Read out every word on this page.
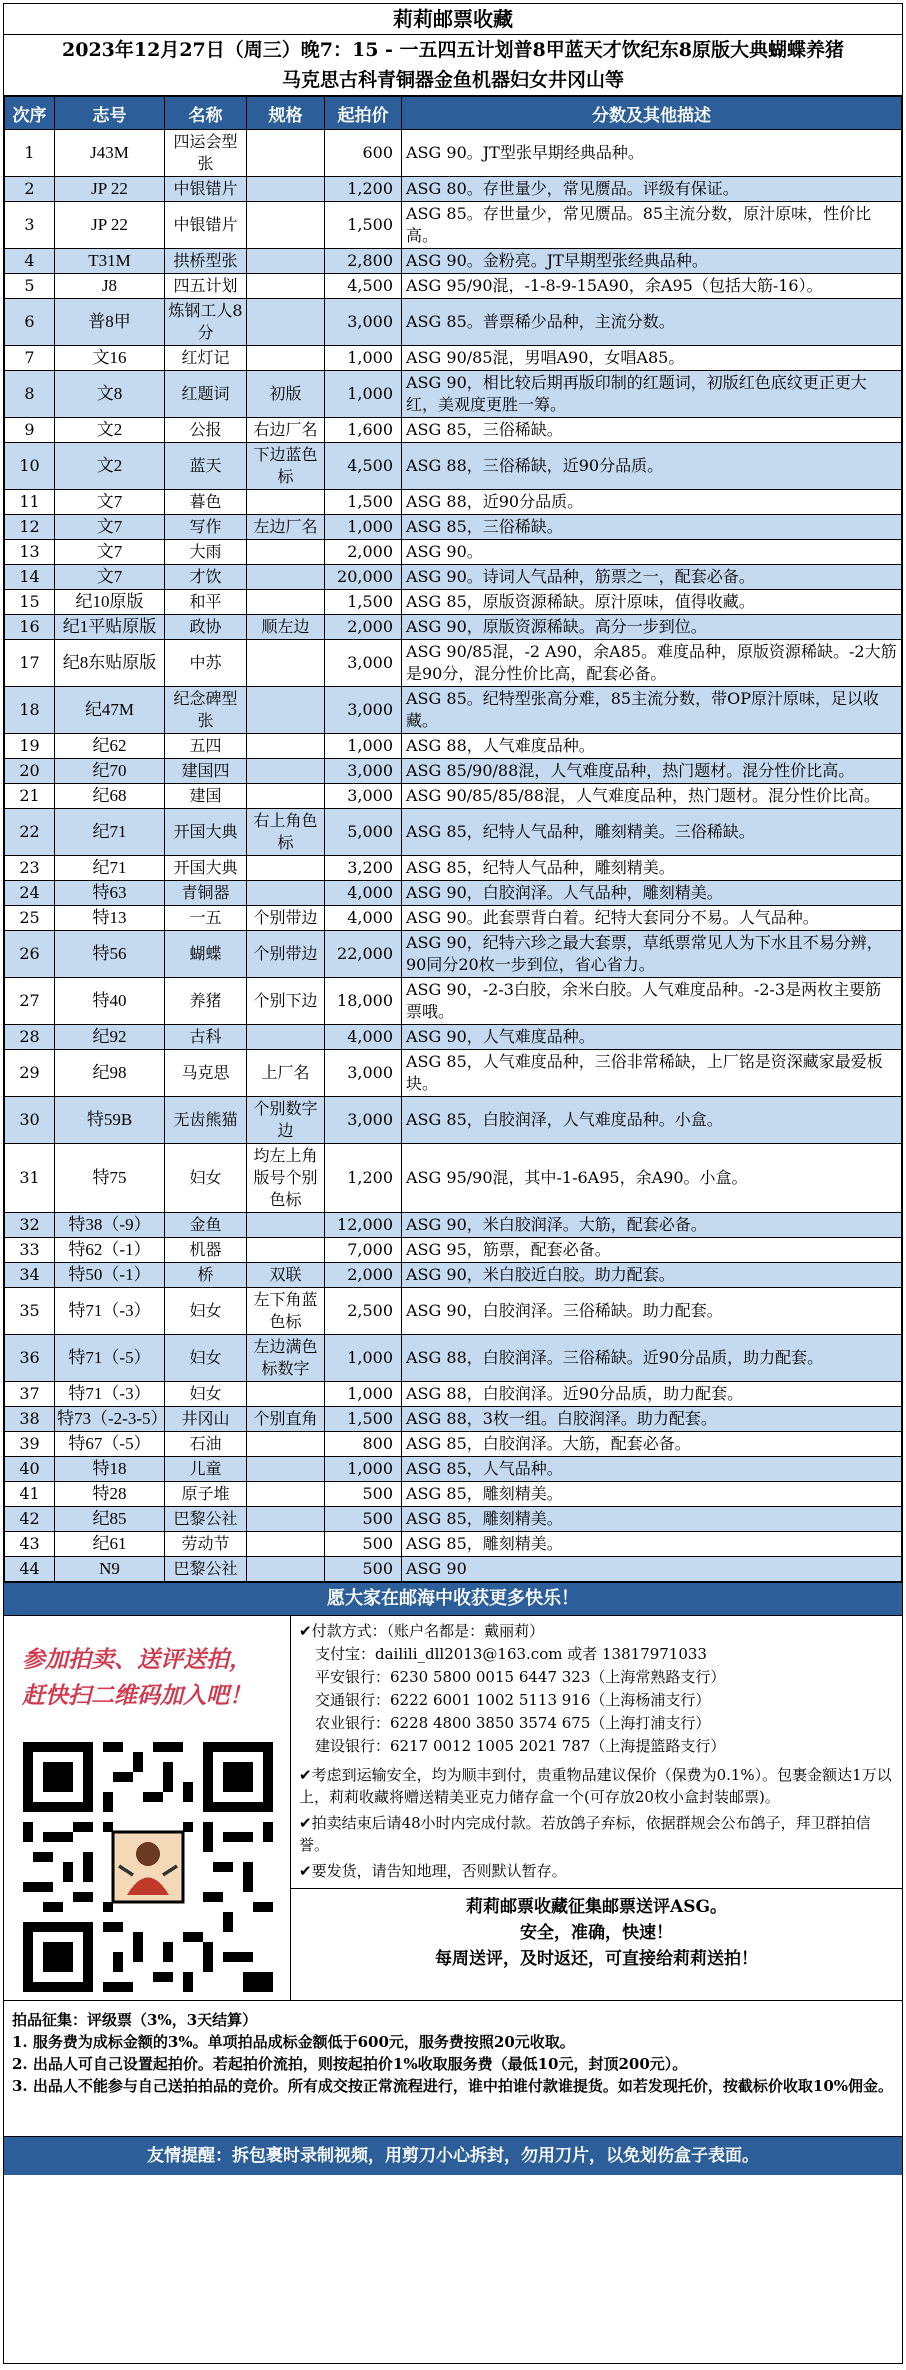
莉莉邮票收藏
2023年12月27日（周三）晚7：15 - 一五四五计划普8甲蓝天才饮纪东8原版大典蝴蝶养猪
马克思古科青铜器金鱼机器妇女井冈山等
次序	志号	名称	规格	起拍价	分数及其他描述
1	J43M	四运会型张		600	ASG 90。JT型张早期经典品种。
2	JP 22	中银错片		1,200	ASG 80。存世量少，常见赝品。评级有保证。
3	JP 22	中银错片		1,500	ASG 85。存世量少，常见赝品。85主流分数，原汁原味，性价比高。
4	T31M	拱桥型张		2,800	ASG 90。金粉亮。JT早期型张经典品种。
5	J8	四五计划		4,500	ASG 95/90混，-1-8-9-15A90，余A95（包括大筋-16）。
6	普8甲	炼钢工人8分		3,000	ASG 85。普票稀少品种，主流分数。
7	文16	红灯记		1,000	ASG 90/85混，男唱A90，女唱A85。
8	文8	红题词	初版	1,000	ASG 90，相比较后期再版印制的红题词，初版红色底纹更正更大红，美观度更胜一筹。
9	文2	公报	右边厂名	1,600	ASG 85，三俗稀缺。
10	文2	蓝天	下边蓝色标	4,500	ASG 88，三俗稀缺，近90分品质。
11	文7	暮色		1,500	ASG 88，近90分品质。
12	文7	写作	左边厂名	1,000	ASG 85，三俗稀缺。
13	文7	大雨		2,000	ASG 90。
14	文7	才饮		20,000	ASG 90。诗词人气品种，筋票之一，配套必备。
15	纪10原版	和平		1,500	ASG 85，原版资源稀缺。原汁原味，值得收藏。
16	纪1平贴原版	政协	顺左边	2,000	ASG 90，原版资源稀缺。高分一步到位。
17	纪8东贴原版	中苏		3,000	ASG 90/85混，-2 A90，余A85。难度品种，原版资源稀缺。-2大筋是90分，混分性价比高，配套必备。
18	纪47M	纪念碑型张		3,000	ASG 85。纪特型张高分难，85主流分数，带OP原汁原味，足以收藏。
19	纪62	五四		1,000	ASG 88，人气难度品种。
20	纪70	建国四		3,000	ASG 85/90/88混，人气难度品种，热门题材。混分性价比高。
21	纪68	建国		3,000	ASG 90/85/85/88混，人气难度品种，热门题材。混分性价比高。
22	纪71	开国大典	右上角色标	5,000	ASG 85，纪特人气品种，雕刻精美。三俗稀缺。
23	纪71	开国大典		3,200	ASG 85，纪特人气品种，雕刻精美。
24	特63	青铜器		4,000	ASG 90，白胶润泽。人气品种，雕刻精美。
25	特13	一五	个别带边	4,000	ASG 90。此套票背白着。纪特大套同分不易。人气品种。
26	特56	蝴蝶	个别带边	22,000	ASG 90，纪特六珍之最大套票，草纸票常见人为下水且不易分辨，90同分20枚一步到位，省心省力。
27	特40	养猪	个别下边	18,000	ASG 90，-2-3白胶，余米白胶。人气难度品种。-2-3是两枚主要筋票哦。
28	纪92	古科		4,000	ASG 90，人气难度品种。
29	纪98	马克思	上厂名	3,000	ASG 85，人气难度品种，三俗非常稀缺，上厂铭是资深藏家最爱板块。
30	特59B	无齿熊猫	个别数字边	3,000	ASG 85，白胶润泽，人气难度品种。小盒。
31	特75	妇女	均左上角版号个别色标	1,200	ASG 95/90混，其中-1-6A95，余A90。小盒。
32	特38（-9）	金鱼		12,000	ASG 90，米白胶润泽。大筋，配套必备。
33	特62（-1）	机器		7,000	ASG 95，筋票，配套必备。
34	特50（-1）	桥	双联	2,000	ASG 90，米白胶近白胶。助力配套。
35	特71（-3）	妇女	左下角蓝色标	2,500	ASG 90，白胶润泽。三俗稀缺。助力配套。
36	特71（-5）	妇女	左边满色标数字	1,000	ASG 88，白胶润泽。三俗稀缺。近90分品质，助力配套。
37	特71（-3）	妇女		1,000	ASG 88，白胶润泽。近90分品质，助力配套。
38	特73（-2-3-5）	井冈山	个别直角	1,500	ASG 88，3枚一组。白胶润泽。助力配套。
39	特67（-5）	石油		800	ASG 85，白胶润泽。大筋，配套必备。
40	特18	儿童		1,000	ASG 85，人气品种。
41	特28	原子堆		500	ASG 85，雕刻精美。
42	纪85	巴黎公社		500	ASG 85，雕刻精美。
43	纪61	劳动节		500	ASG 85，雕刻精美。
44	N9	巴黎公社		500	ASG 90
愿大家在邮海中收获更多快乐！
参加拍卖、送评送拍，
赶快扫二维码加入吧！
✔付款方式：（账户名都是：戴丽莉）
支付宝：dailili_dll2013@163.com 或者 13817971033
平安银行：6230 5800 0015 6447 323（上海常熟路支行）
交通银行：6222 6001 1002 5113 916（上海杨浦支行）
农业银行：6228 4800 3850 3574 675（上海打浦支行）
建设银行：6217 0012 1005 2021 787（上海提篮路支行）

✔考虑到运输安全，均为顺丰到付，贵重物品建议保价（保费为0.1%）。包裹金额达1万以上，莉莉收藏将赠送精美亚克力储存盒一个(可存放20枚小盒封装邮票)。

✔拍卖结束后请48小时内完成付款。若放鸽子弃标，依据群规会公布鸽子，拜卫群拍信誉。

✔要发货，请告知地理，否则默认暂存。

莉莉邮票收藏征集邮票送评ASG。
安全，准确，快速！
每周送评，及时返还，可直接给莉莉送拍！
拍品征集：评级票（3%，3天结算）
1. 服务费为成标金额的3%。单项拍品成标金额低于600元，服务费按照20元收取。
2. 出品人可自己设置起拍价。若起拍价流拍，则按起拍价1%收取服务费（最低10元，封顶200元）。
3. 出品人不能参与自己送拍拍品的竞价。所有成交按正常流程进行，谁中拍谁付款谁提货。如若发现托价，按截标价收取10%佣金。
友情提醒：拆包裹时录制视频，用剪刀小心拆封，勿用刀片，以免划伤盒子表面。
